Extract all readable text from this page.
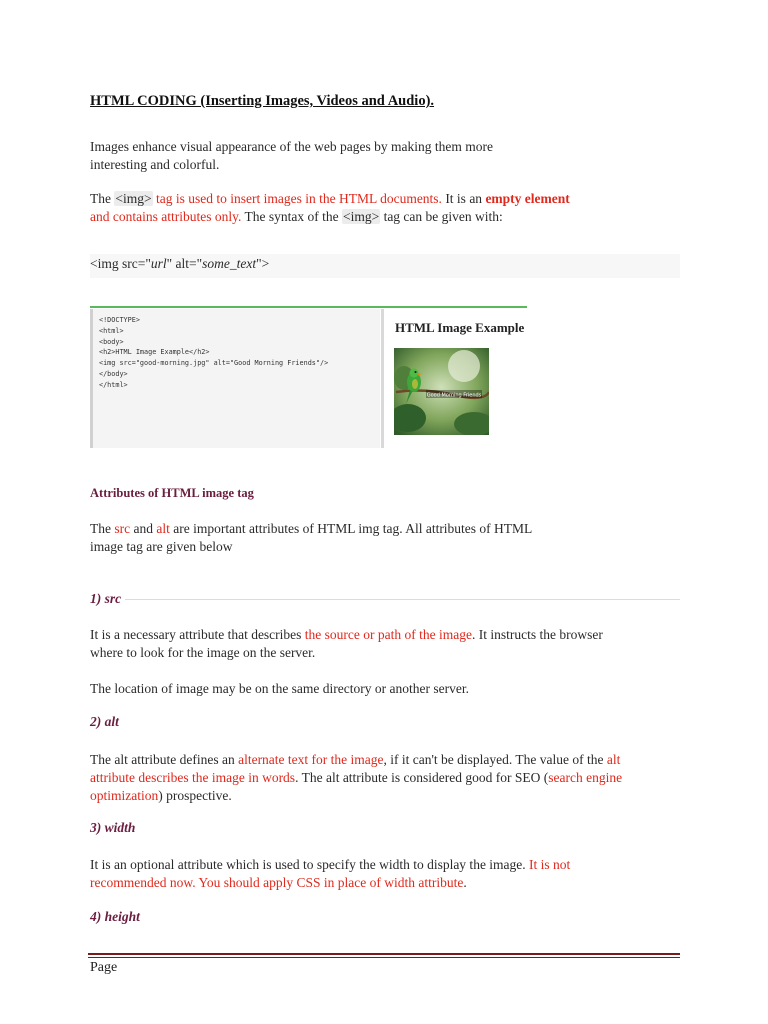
HTML CODING (Inserting Images, Videos and Audio).
Images enhance visual appearance of the web pages by making them more interesting and colorful.
The <img> tag is used to insert images in the HTML documents. It is an empty element and contains attributes only. The syntax of the <img> tag can be given with:
<img src="url" alt="some_text">
<!DOCTYPE>
<html>
<body>
<h2>HTML Image Example</h2>
<img src="good-morning.jpg" alt="Good Morning Friends"/>
</body>
</html>
HTML Image Example
Good Morning Friends
Attributes of HTML image tag
The src and alt are important attributes of HTML img tag. All attributes of HTML
image tag are given below
1) src
It is a necessary attribute that describes the source or path of the image. It instructs the browser
where to look for the image on the server.
The location of image may be on the same directory or another server.
2) alt
The alt attribute defines an alternate text for the image, if it can't be displayed. The value of the alt
attribute describes the image in words. The alt attribute is considered good for SEO (search engine
optimization) prospective.
3) width
It is an optional attribute which is used to specify the width to display the image. It is not
recommended now. You should apply CSS in place of width attribute.
4) height
Page
